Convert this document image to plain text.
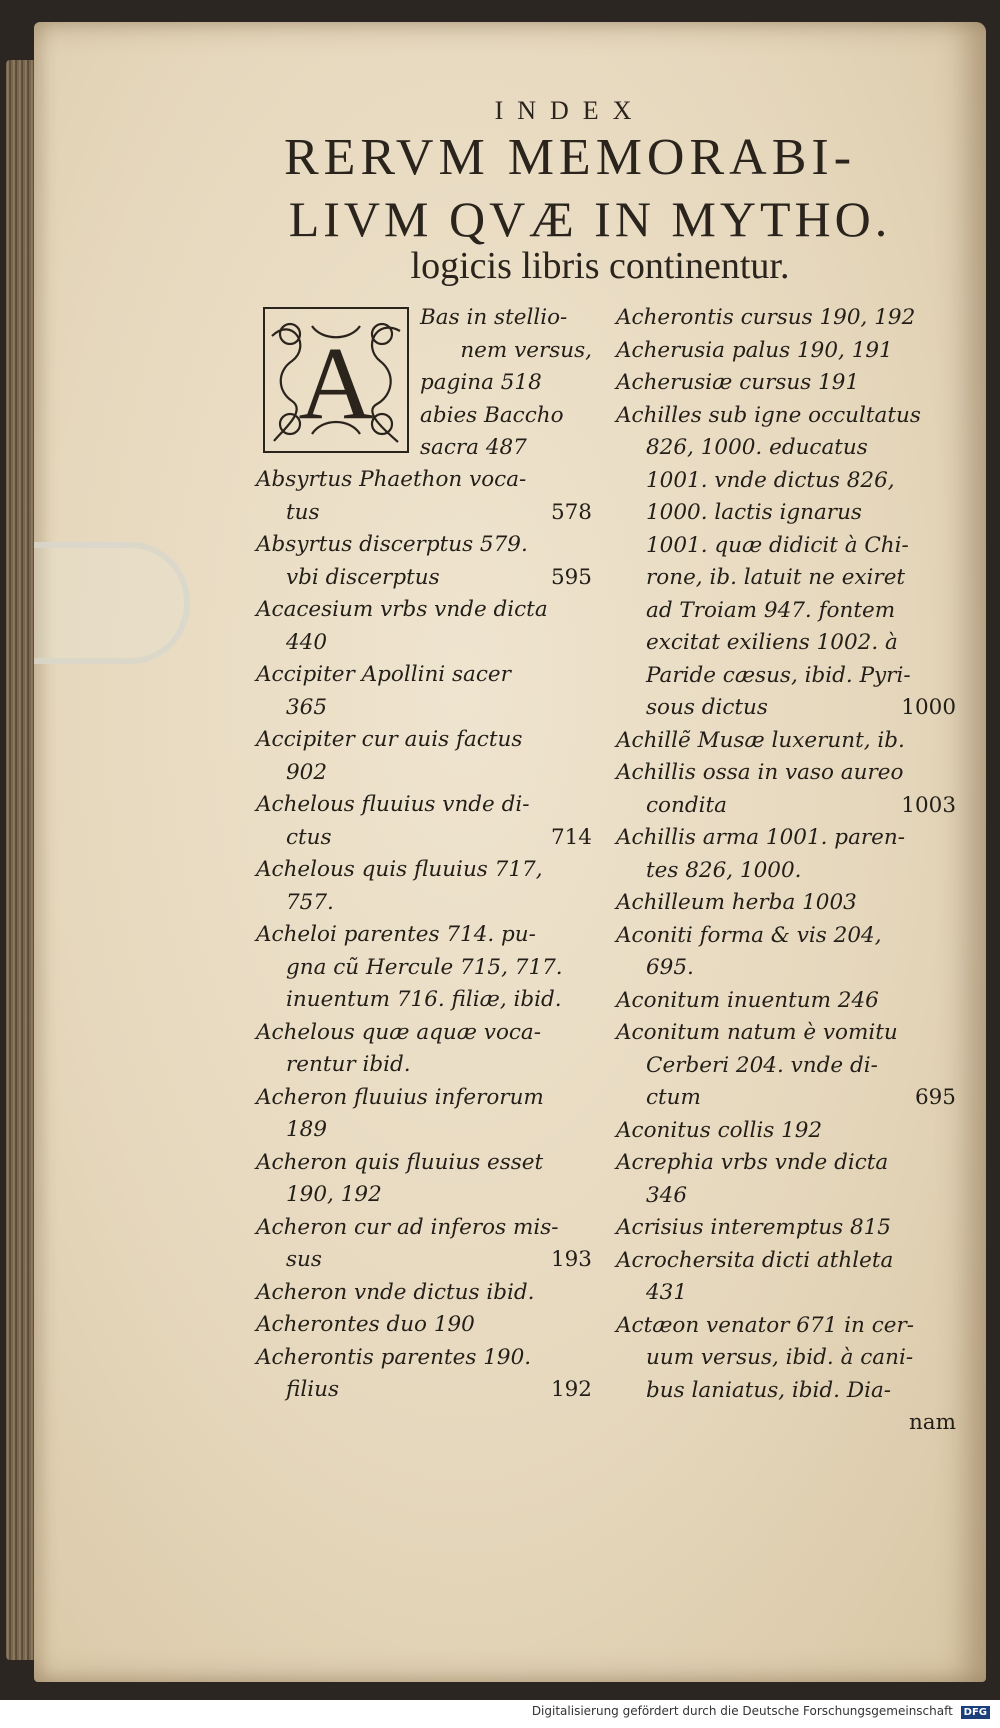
INDEX

RERVM MEMORABI-

LIVM QVÆ IN MYTHO.

logicis libris continentur.

A

Bas in stellio-
nem versus,
pagina 518
abies Baccho
sacra 487

Absyrtus Phaethon voca-
tus	578
Absyrtus discerptus 579.
vbi discerptus	595
Acacesium vrbs vnde dicta
440
Accipiter Apollini sacer
365
Accipiter cur auis factus
902
Achelous fluuius vnde di-
ctus	714
Achelous quis fluuius 717,
757.
Acheloi parentes 714. pu-
gna cũ Hercule 715, 717.
inuentum 716. filiæ, ibid.
Achelous quæ aquæ voca-
rentur ibid.
Acheron fluuius inferorum
189
Acheron quis fluuius esset
190, 192
Acheron cur ad inferos mis-
sus	193
Acheron vnde dictus ibid.
Acherontes duo 190
Acherontis parentes 190.
filius	192
Acherontis cursus 190, 192
Acherusia palus 190, 191
Acherusiæ cursus 191
Achilles sub igne occultatus
826, 1000. educatus
1001. vnde dictus 826,
1000. lactis ignarus
1001. quæ didicit à Chi-
rone, ib. latuit ne exiret
ad Troiam 947. fontem
excitat exiliens 1002. à
Paride cæsus, ibid. Pyri-
sous dictus	1000
Achillẽ Musæ luxerunt, ib.
Achillis ossa in vaso aureo
condita	1003
Achillis arma 1001. paren-
tes 826, 1000.
Achilleum herba 1003
Aconiti forma & vis 204,
695.
Aconitum inuentum 246
Aconitum natum è vomitu
Cerberi 204. vnde di-
ctum	695
Aconitus collis 192
Acrephia vrbs vnde dicta
346
Acrisius interemptus 815
Acrochersita dicti athleta
431
Actæon venator 671 in cer-
uum versus, ibid. à cani-
bus laniatus, ibid. Dia-
nam
Digitalisierung gefördert durch die Deutsche Forschungsgemeinschaft DFG
